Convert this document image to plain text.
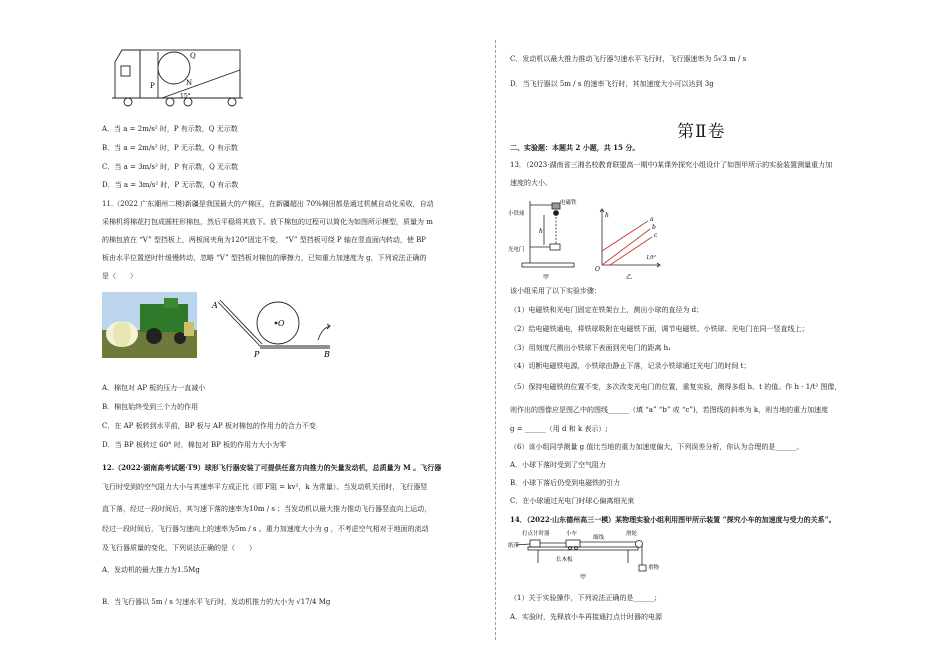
Q
P	N
15°
A．当 a = 2m/s² 时，P 有示数，Q 无示数
B．当 a = 2m/s² 时，P 无示数，Q 有示数
C．当 a = 3m/s² 时，P 有示数，Q 无示数
D．当 a = 3m/s² 时，P 无示数，Q 有示数
11.（2022 广东潮州二模)新疆是我国最大的产棉区，在新疆超出 70%棉田都是通过机械自动化采收，自动
采棉机将棉花打包成圆柱形棉包，然后平稳将其放下。放下棉包的过程可以简化为如图所示模型，质量为 m
的棉包放在 “V” 型挡板上，两板间夹角为120°固定不变， “V” 型挡板可绕 P 轴在竖直面内转动，使 BP
板由水平位置逆时针缓慢转动，忽略 “V” 型挡板对棉包的摩擦力，已知重力加速度为 g，下列说法正确的
是（　　）
A
O
P	B
A．棉包对 AP 板的压力一直减小
B．棉包始终受到三个力的作用
C．在 AP 板转到水平前，BP 板与 AP 板对棉包的作用力的合力不变
D．当 BP 板转过 60° 时，棉包对 BP 板的作用力大小为零
12.（2022·湖南高考试题·T9）球形飞行器安装了可提供任意方向推力的矢量发动机，总质量为 M 。飞行器
飞行时受到的空气阻力大小与其速率平方成正比（即 F阻 = kv²，k 为常量）。当发动机关闭时，飞行器竖
直下落，经过一段时间后，其匀速下落的速率为10m / s ；当发动机以最大推力推动飞行器竖直向上运动，
经过一段时间后，飞行器匀速向上的速率为5m / s 。重力加速度大小为 g ，不考虑空气相对于地面的流动
及飞行器质量的变化，下列说法正确的是（　　）
A．发动机的最大推力为1.5Mg
B．当飞行器以 5m / s 匀速水平飞行时，发动机推力的大小为 √17/4 Mg
C．发动机以最大推力推动飞行器匀速水平飞行时，飞行器速率为 5√3 m / s
D．当飞行器以 5m / s 的速率飞行时，其加速度大小可以达到 3g
第Ⅱ卷
二、实验题：本题共 2 小题，共 15 分。
13．（2023·湖南省三湘名校教育联盟高一期中)某课外探究小组设计了如图甲所示的实验装置测量重力加
速度的大小。
电磁铁
小铁球
h
光电门
甲
h
a
b
c
1/t²
O
乙
该小组采用了以下实验步骤：
（1）电磁铁和光电门固定在铁架台上，测出小球的直径为 d；
（2）给电磁铁通电，将铁球吸附在电磁铁下面，调节电磁铁、小铁球、光电门在同一竖直线上；
（3）用刻度尺测出小铁球下表面到光电门的距离 h₁
（4）切断电磁铁电源，小铁球由静止下落，记录小铁球通过光电门的时间 t；
（5）保持电磁铁的位置不变，多次改变光电门的位置，重复实验，测得多组 h、t 的值。作 h - 1/t² 图像，
则作出的图像应是图乙中的图线______（填 “a” “b” 或 “c”)，若图线的斜率为 k，则当地的重力加速度
g = ______（用 d 和 k 表示）;
（6）该小组同学测量 g 值比当地的重力加速度偏大，下列误差分析，你认为合理的是______。
A．小球下落时受到了空气阻力
B．小球下落后仍受到电磁铁的引力
C．在小球通过光电门时球心偏离细光束
14．（2022·山东德州高三一模）某物理实验小组利用图甲所示装置 “探究小车的加速度与受力的关系”。
打点计时器	小车	滑轮
纸带
细线
长木板
重物
甲
（1）关于实验操作，下列说法正确的是______;
A．实验时，先释放小车再接通打点计时器的电源
